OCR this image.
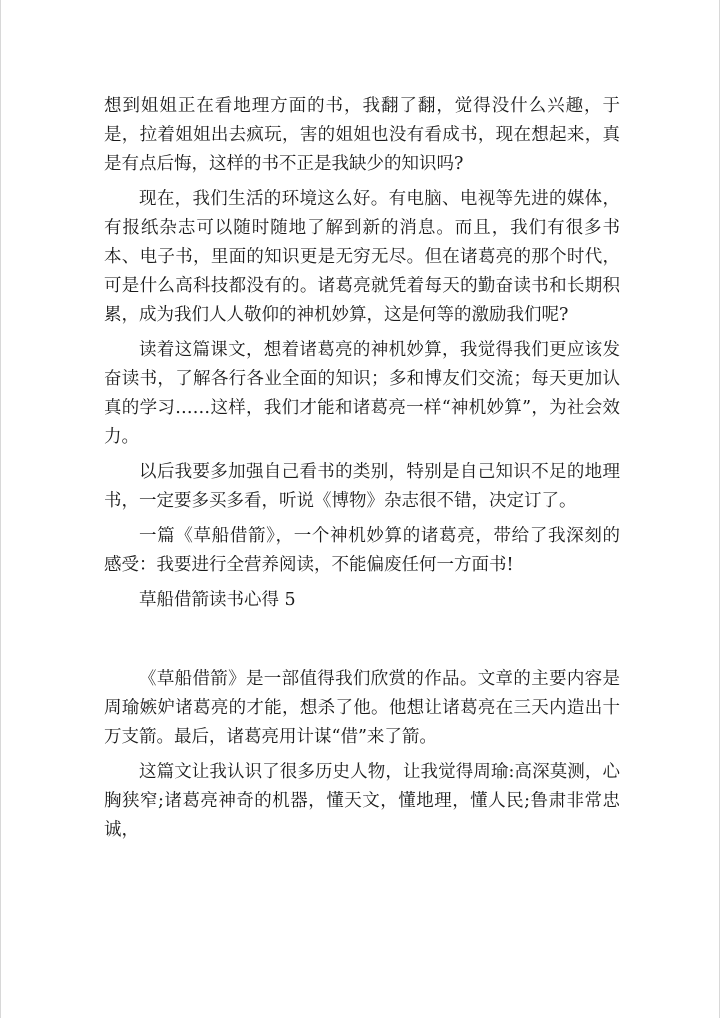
想到姐姐正在看地理方面的书，我翻了翻，觉得没什么兴趣，于是，拉着姐姐出去疯玩，害的姐姐也没有看成书，现在想起来，真是有点后悔，这样的书不正是我缺少的知识吗?

现在，我们生活的环境这么好。有电脑、电视等先进的媒体，有报纸杂志可以随时随地了解到新的消息。而且，我们有很多书本、电子书，里面的知识更是无穷无尽。但在诸葛亮的那个时代，可是什么高科技都没有的。诸葛亮就凭着每天的勤奋读书和长期积累，成为我们人人敬仰的神机妙算，这是何等的激励我们呢?

读着这篇课文，想着诸葛亮的神机妙算，我觉得我们更应该发奋读书，了解各行各业全面的知识；多和博友们交流；每天更加认真的学习……这样，我们才能和诸葛亮一样“神机妙算”，为社会效力。

以后我要多加强自己看书的类别，特别是自己知识不足的地理书，一定要多买多看，听说《博物》杂志很不错，决定订了。

一篇《草船借箭》，一个神机妙算的诸葛亮，带给了我深刻的感受：我要进行全营养阅读，不能偏废任何一方面书!

草船借箭读书心得 5

《草船借箭》是一部值得我们欣赏的作品。文章的主要内容是周瑜嫉妒诸葛亮的才能，想杀了他。他想让诸葛亮在三天内造出十万支箭。最后，诸葛亮用计谋“借”来了箭。

这篇文让我认识了很多历史人物，让我觉得周瑜:高深莫测，心胸狭窄;诸葛亮神奇的机器，懂天文，懂地理，懂人民;鲁肃非常忠诚，
